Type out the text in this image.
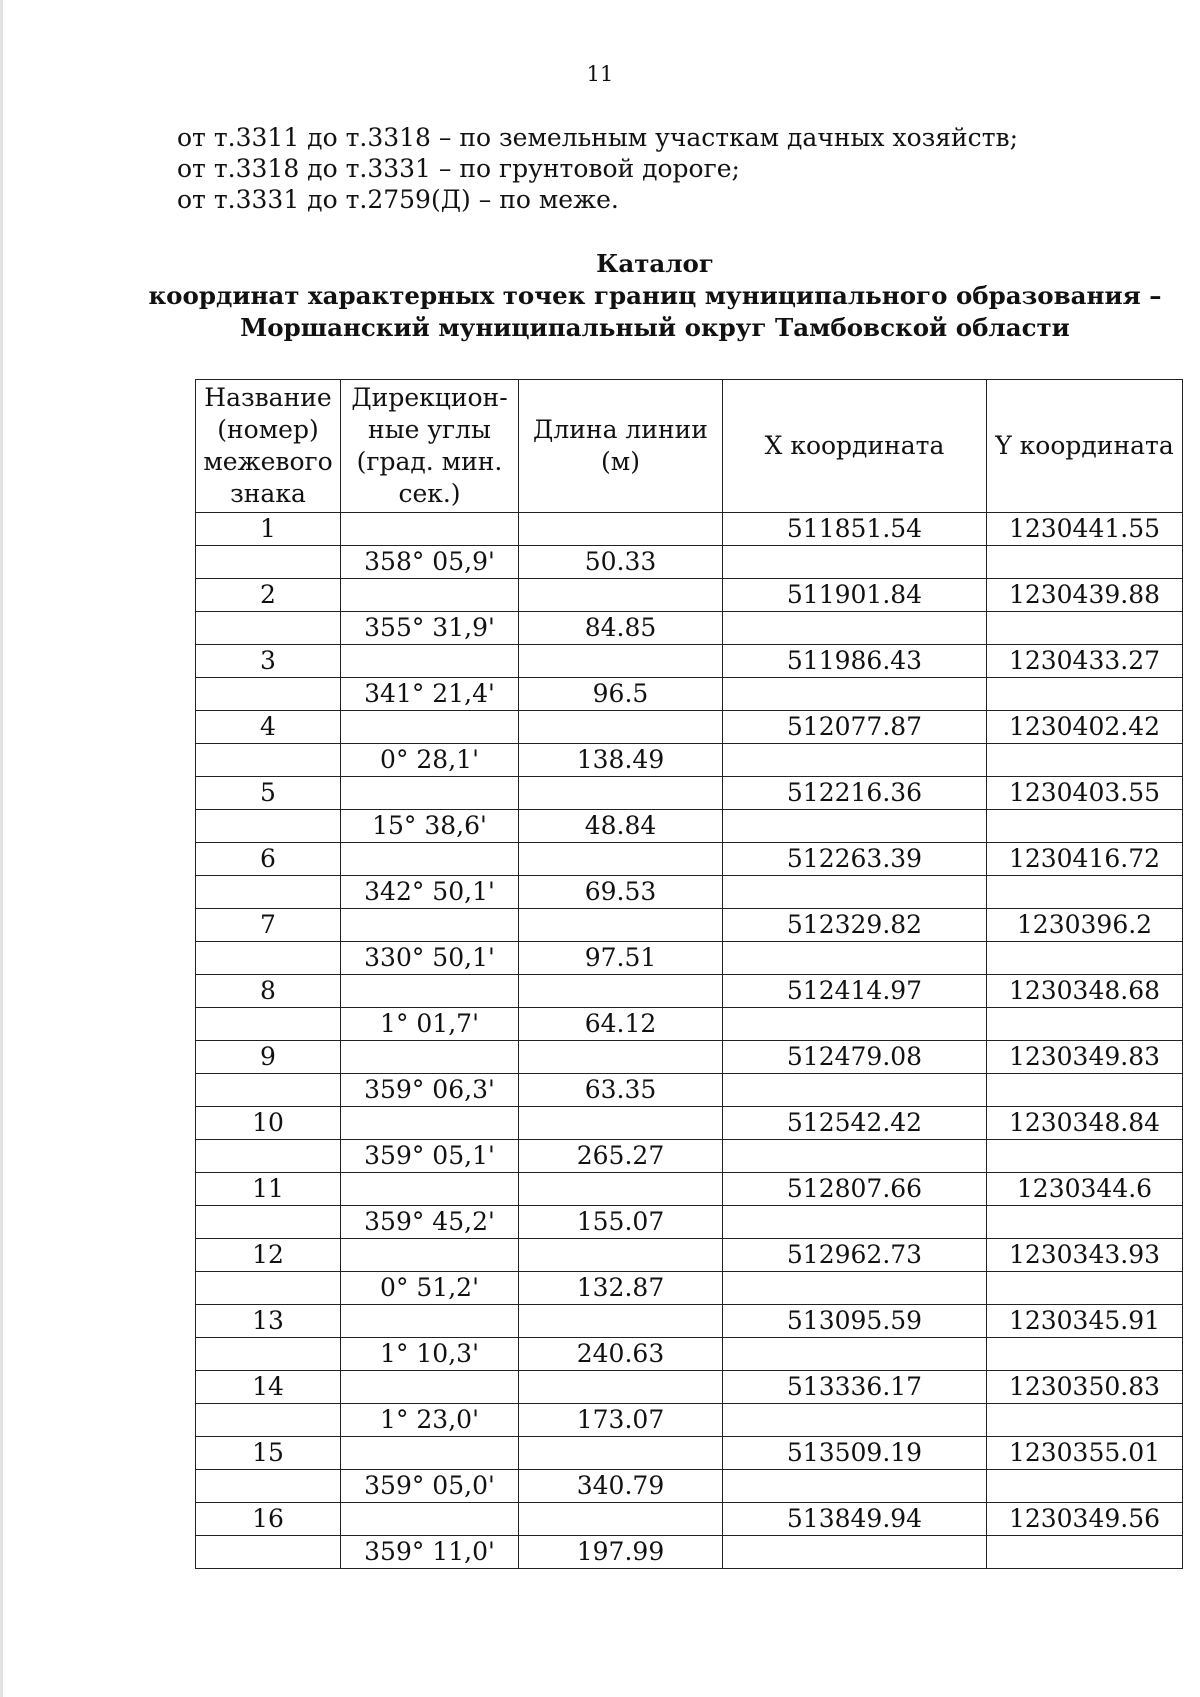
11
от т.3311 до т.3318 – по земельным участкам дачных хозяйств;
от т.3318 до т.3331 – по грунтовой дороге;
от т.3331 до т.2759(Д) – по меже.
Каталог
координат характерных точек границ муниципального образования –
Моршанский муниципальный округ Тамбовской области
Название (номер) межевого знака	Дирекцион-ные углы (град. мин. сек.)	Длина линии (м)	X координата	Y координата
1			511851.54	1230441.55
	358° 05,9'	50.33		
2			511901.84	1230439.88
	355° 31,9'	84.85		
3			511986.43	1230433.27
	341° 21,4'	96.5		
4			512077.87	1230402.42
	0° 28,1'	138.49		
5			512216.36	1230403.55
	15° 38,6'	48.84		
6			512263.39	1230416.72
	342° 50,1'	69.53		
7			512329.82	1230396.2
	330° 50,1'	97.51		
8			512414.97	1230348.68
	1° 01,7'	64.12		
9			512479.08	1230349.83
	359° 06,3'	63.35		
10			512542.42	1230348.84
	359° 05,1'	265.27		
11			512807.66	1230344.6
	359° 45,2'	155.07		
12			512962.73	1230343.93
	0° 51,2'	132.87		
13			513095.59	1230345.91
	1° 10,3'	240.63		
14			513336.17	1230350.83
	1° 23,0'	173.07		
15			513509.19	1230355.01
	359° 05,0'	340.79		
16			513849.94	1230349.56
	359° 11,0'	197.99		
